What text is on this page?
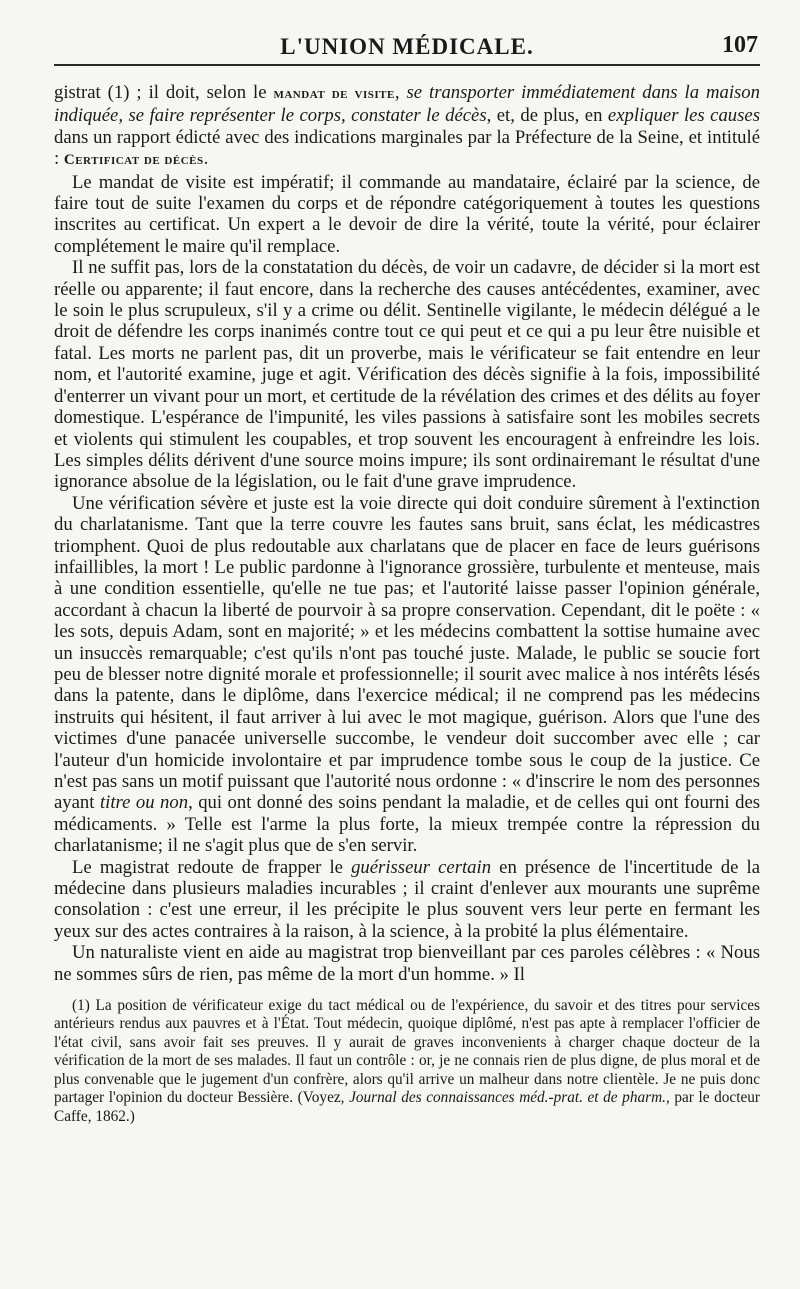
L'UNION MÉDICALE.	107

gistrat (1) ; il doit, selon le mandat de visite, se transporter immédiatement dans la maison indiquée, se faire représenter le corps, constater le décès, et, de plus, en expliquer les causes dans un rapport édicté avec des indications marginales par la Préfecture de la Seine, et intitulé : Certificat de décès.

Le mandat de visite est impératif; il commande au mandataire, éclairé par la science, de faire tout de suite l'examen du corps et de répondre catégoriquement à toutes les questions inscrites au certificat. Un expert a le devoir de dire la vérité, toute la vérité, pour éclairer complétement le maire qu'il remplace.

Il ne suffit pas, lors de la constatation du décès, de voir un cadavre, de décider si la mort est réelle ou apparente; il faut encore, dans la recherche des causes antécédentes, examiner, avec le soin le plus scrupuleux, s'il y a crime ou délit. Sentinelle vigilante, le médecin délégué a le droit de défendre les corps inanimés contre tout ce qui peut et ce qui a pu leur être nuisible et fatal. Les morts ne parlent pas, dit un proverbe, mais le vérificateur se fait entendre en leur nom, et l'autorité examine, juge et agit. Vérification des décès signifie à la fois, impossibilité d'enterrer un vivant pour un mort, et certitude de la révélation des crimes et des délits au foyer domestique. L'espérance de l'impunité, les viles passions à satisfaire sont les mobiles secrets et violents qui stimulent les coupables, et trop souvent les encouragent à enfreindre les lois. Les simples délits dérivent d'une source moins impure; ils sont ordinairemant le résultat d'une ignorance absolue de la législation, ou le fait d'une grave imprudence.

Une vérification sévère et juste est la voie directe qui doit conduire sûrement à l'extinction du charlatanisme. Tant que la terre couvre les fautes sans bruit, sans éclat, les médicastres triomphent. Quoi de plus redoutable aux charlatans que de placer en face de leurs guérisons infaillibles, la mort ! Le public pardonne à l'ignorance grossière, turbulente et menteuse, mais à une condition essentielle, qu'elle ne tue pas; et l'autorité laisse passer l'opinion générale, accordant à chacun la liberté de pourvoir à sa propre conservation. Cependant, dit le poëte : « les sots, depuis Adam, sont en majorité; » et les médecins combattent la sottise humaine avec un insuccès remarquable; c'est qu'ils n'ont pas touché juste. Malade, le public se soucie fort peu de blesser notre dignité morale et professionnelle; il sourit avec malice à nos intérêts lésés dans la patente, dans le diplôme, dans l'exercice médical; il ne comprend pas les médecins instruits qui hésitent, il faut arriver à lui avec le mot magique, guérison. Alors que l'une des victimes d'une panacée universelle succombe, le vendeur doit succomber avec elle ; car l'auteur d'un homicide involontaire et par imprudence tombe sous le coup de la justice. Ce n'est pas sans un motif puissant que l'autorité nous ordonne : « d'inscrire le nom des personnes ayant titre ou non, qui ont donné des soins pendant la maladie, et de celles qui ont fourni des médicaments. » Telle est l'arme la plus forte, la mieux trempée contre la répression du charlatanisme; il ne s'agit plus que de s'en servir.

Le magistrat redoute de frapper le guérisseur certain en présence de l'incertitude de la médecine dans plusieurs maladies incurables ; il craint d'enlever aux mourants une suprême consolation : c'est une erreur, il les précipite le plus souvent vers leur perte en fermant les yeux sur des actes contraires à la raison, à la science, à la probité la plus élémentaire.

Un naturaliste vient en aide au magistrat trop bienveillant par ces paroles célèbres : « Nous ne sommes sûrs de rien, pas même de la mort d'un homme. » Il

(1) La position de vérificateur exige du tact médical ou de l'expérience, du savoir et des titres pour services antérieurs rendus aux pauvres et à l'État. Tout médecin, quoique diplômé, n'est pas apte à remplacer l'officier de l'état civil, sans avoir fait ses preuves. Il y aurait de graves inconvenients à charger chaque docteur de la vérification de la mort de ses malades. Il faut un contrôle : or, je ne connais rien de plus digne, de plus moral et de plus convenable que le jugement d'un confrère, alors qu'il arrive un malheur dans notre clientèle. Je ne puis donc partager l'opinion du docteur Bessière. (Voyez, Journal des connaissances méd.-prat. et de pharm., par le docteur Caffe, 1862.)
